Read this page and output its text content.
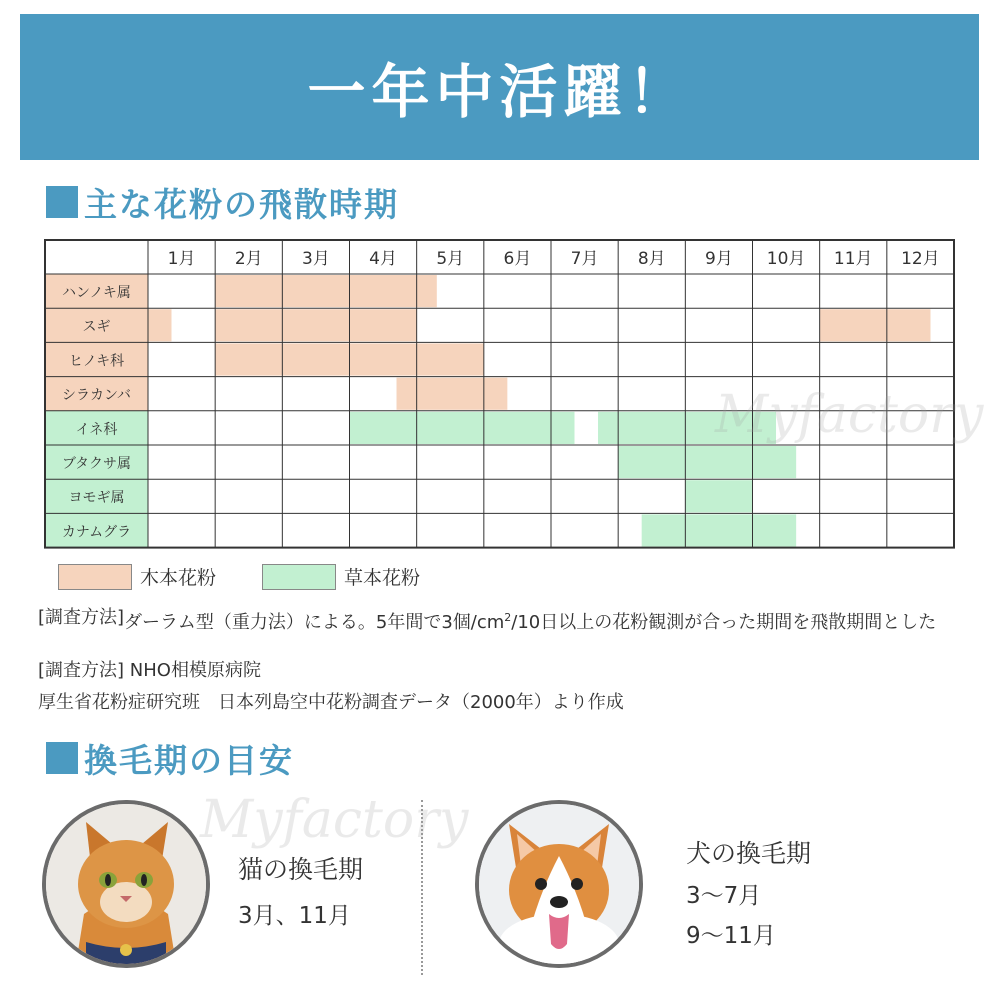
一年中活躍！
主な花粉の飛散時期
1月 2月 3月 4月 5月 6月 7月 8月 9月 10月 11月 12月
ハンノキ属
スギ
ヒノキ科
シラカンバ
イネ科
ブタクサ属
ヨモギ属
カナムグラ
Myfactory
木本花粉	草本花粉
[調査方法] ダーラム型（重力法）による。5年間で3個$/cm^2/10$日以上の花粉観測が合った期間を飛散期間とした
[調査方法] NHO相模原病院
厚生省花粉症研究班　日本列島空中花粉調査データ（2000年）より作成
換毛期の目安
Myfactory
猫の換毛期
3月、11月
犬の換毛期
3〜7月
9〜11月
